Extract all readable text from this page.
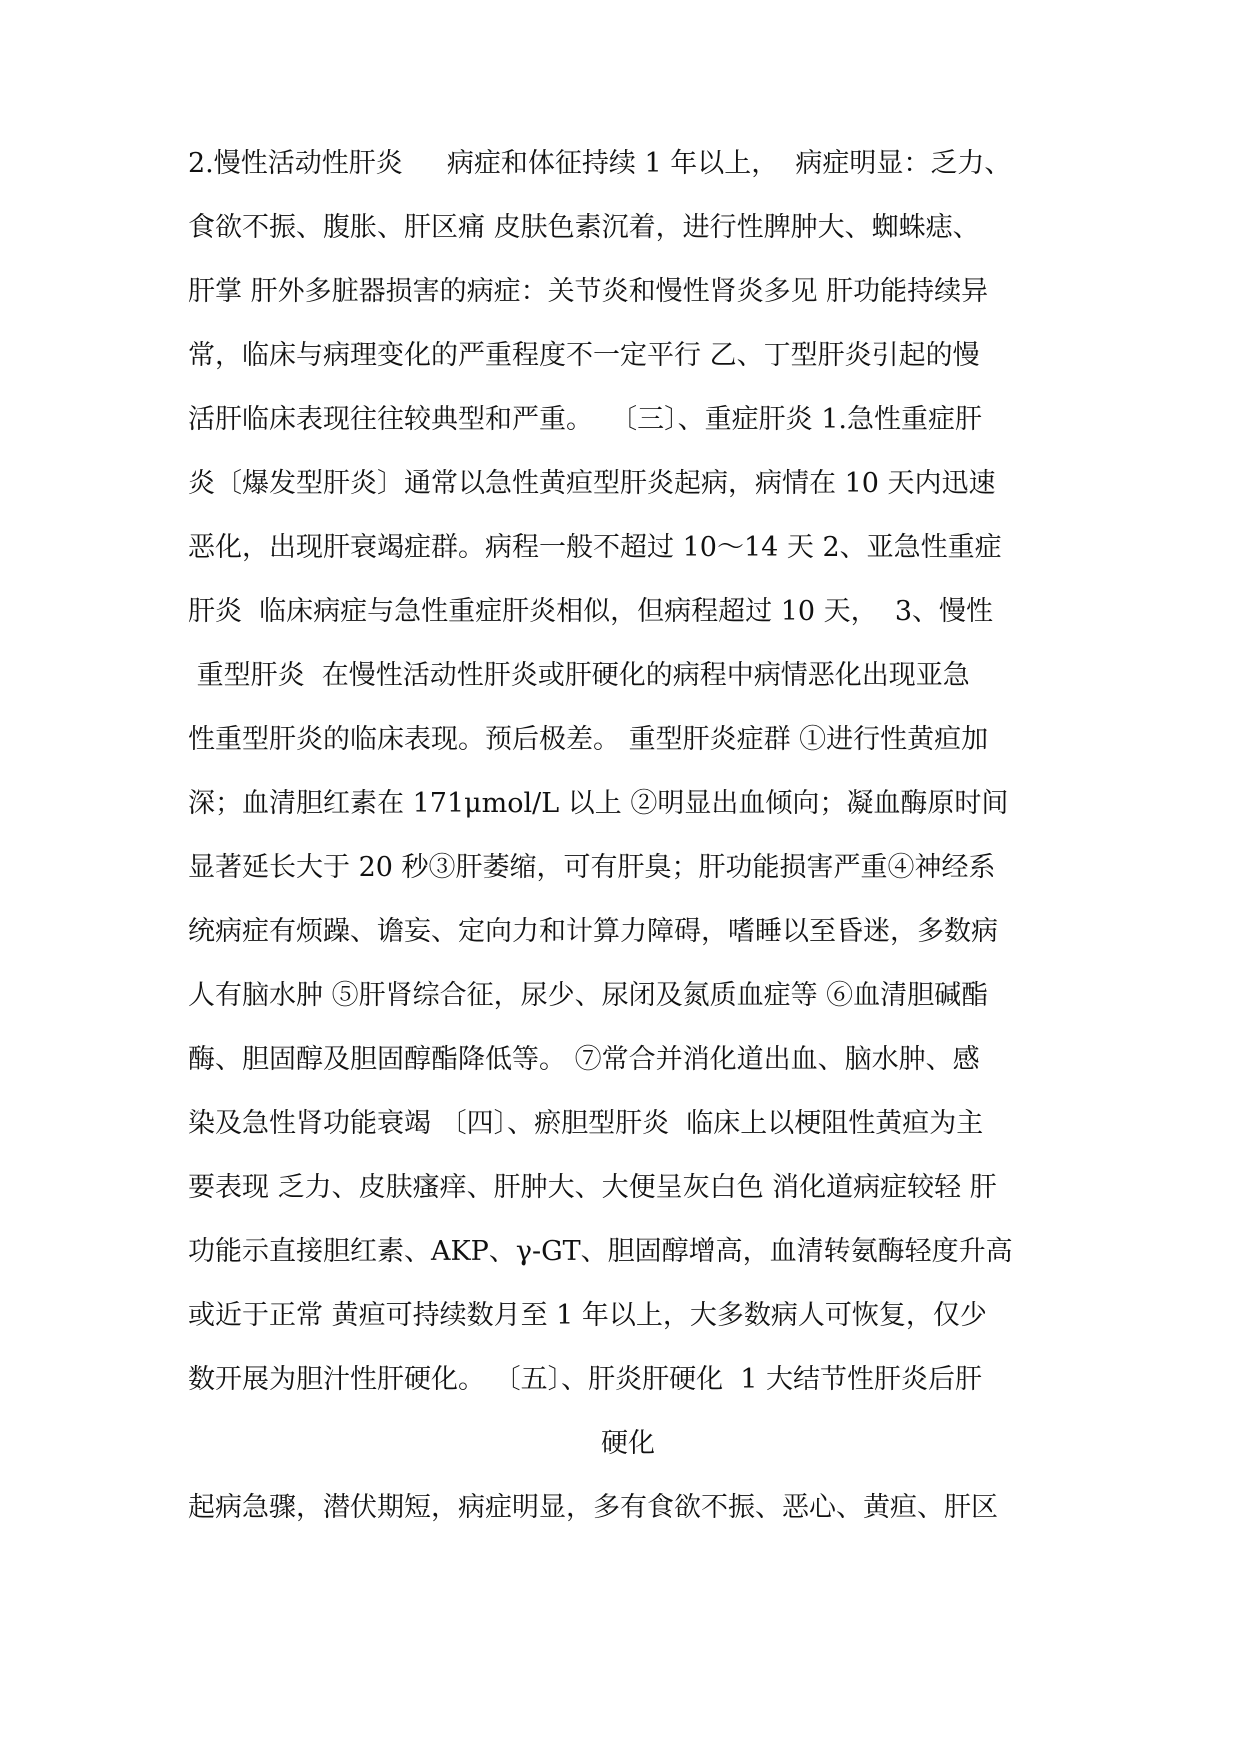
2.慢性活动性肝炎　  病症和体征持续 1 年以上，  病症明显：乏力、
食欲不振、腹胀、肝区痛 皮肤色素沉着，进行性脾肿大、蜘蛛痣、
肝掌 肝外多脏器损害的病症：关节炎和慢性肾炎多见 肝功能持续异
常，临床与病理变化的严重程度不一定平行 乙、丁型肝炎引起的慢
活肝临床表现往往较典型和严重。  〔三〕、重症肝炎 1.急性重症肝
炎〔爆发型肝炎〕通常以急性黄疸型肝炎起病，病情在 10 天内迅速
恶化，出现肝衰竭症群。病程一般不超过 10～14 天 2、亚急性重症
肝炎  临床病症与急性重症肝炎相似，但病程超过 10 天，  3、慢性
重型肝炎  在慢性活动性肝炎或肝硬化的病程中病情恶化出现亚急
性重型肝炎的临床表现。预后极差。 重型肝炎症群 ①进行性黄疸加
深；血清胆红素在 171μmol/L 以上 ②明显出血倾向；凝血酶原时间
显著延长大于 20 秒③肝萎缩，可有肝臭；肝功能损害严重④神经系
统病症有烦躁、谵妄、定向力和计算力障碍，嗜睡以至昏迷，多数病
人有脑水肿 ⑤肝肾综合征，尿少、尿闭及氮质血症等 ⑥血清胆碱酯
酶、胆固醇及胆固醇酯降低等。 ⑦常合并消化道出血、脑水肿、感
染及急性肾功能衰竭 〔四〕、瘀胆型肝炎  临床上以梗阻性黄疸为主
要表现 乏力、皮肤瘙痒、肝肿大、大便呈灰白色 消化道病症较轻 肝
功能示直接胆红素、AKP、γ-GT、胆固醇增高，血清转氨酶轻度升高
或近于正常 黄疸可持续数月至 1 年以上，大多数病人可恢复，仅少
数开展为胆汁性肝硬化。 〔五〕、肝炎肝硬化  1 大结节性肝炎后肝
硬化
起病急骤，潜伏期短，病症明显，多有食欲不振、恶心、黄疸、肝区
